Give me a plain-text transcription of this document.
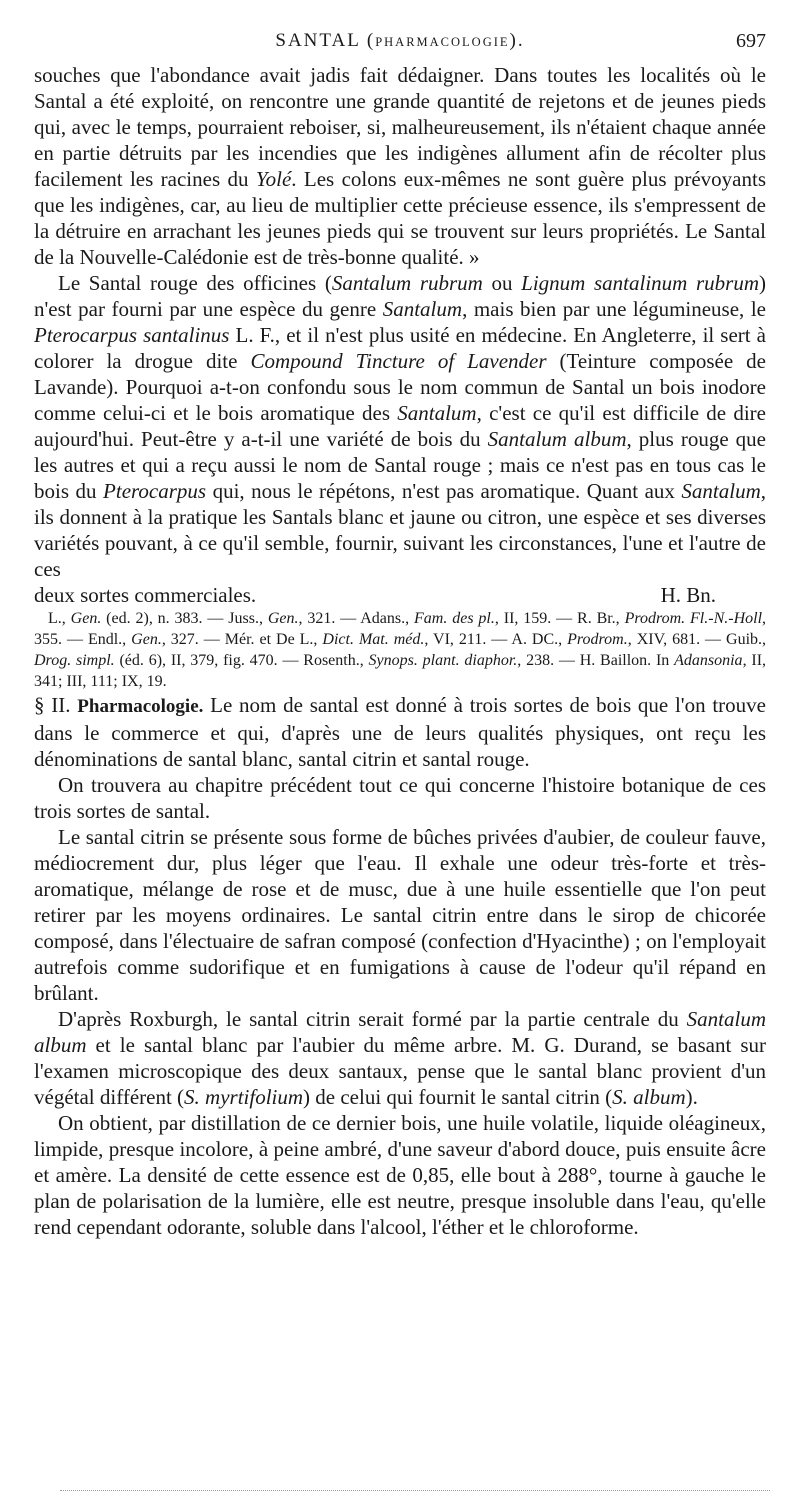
SANTAL (PHARMACOLOGIE).	697

souches que l'abondance avait jadis fait dédaigner. Dans toutes les localités où le Santal a été exploité, on rencontre une grande quantité de rejetons et de jeunes pieds qui, avec le temps, pourraient reboiser, si, malheureusement, ils n'étaient chaque année en partie détruits par les incendies que les indigènes allument afin de récolter plus facilement les racines du Yolé. Les colons eux-mêmes ne sont guère plus prévoyants que les indigènes, car, au lieu de multiplier cette précieuse essence, ils s'empressent de la détruire en arrachant les jeunes pieds qui se trouvent sur leurs propriétés. Le Santal de la Nouvelle-Calédonie est de très-bonne qualité. »

Le Santal rouge des officines (Santalum rubrum ou Lignum santalinum rubrum) n'est par fourni par une espèce du genre Santalum, mais bien par une légumineuse, le Pterocarpus santalinus L. F., et il n'est plus usité en médecine. En Angleterre, il sert à colorer la drogue dite Compound Tincture of Lavender (Teinture composée de Lavande). Pourquoi a-t-on confondu sous le nom commun de Santal un bois inodore comme celui-ci et le bois aromatique des Santalum, c'est ce qu'il est difficile de dire aujourd'hui. Peut-être y a-t-il une variété de bois du Santalum album, plus rouge que les autres et qui a reçu aussi le nom de Santal rouge ; mais ce n'est pas en tous cas le bois du Pterocarpus qui, nous le répétons, n'est pas aromatique. Quant aux Santalum, ils donnent à la pratique les Santals blanc et jaune ou citron, une espèce et ses diverses variétés pouvant, à ce qu'il semble, fournir, suivant les circonstances, l'une et l'autre de ces

deux sortes commerciales.	H. Bn.

L., Gen. (ed. 2), n. 383. — Juss., Gen., 321. — Adans., Fam. des pl., II, 159. — R. Br., Prodrom. Fl.-N.-Holl, 355. — Endl., Gen., 327. — Mér. et De L., Dict. Mat. méd., VI, 211. — A. DC., Prodrom., XIV, 681. — Guib., Drog. simpl. (éd. 6), II, 379, fig. 470. — Rosenth., Synops. plant. diaphor., 238. — H. Baillon. In Adansonia, II, 341; III, 111; IX, 19.

§ II. Pharmacologie. Le nom de santal est donné à trois sortes de bois que l'on trouve dans le commerce et qui, d'après une de leurs qualités physiques, ont reçu les dénominations de santal blanc, santal citrin et santal rouge.

On trouvera au chapitre précédent tout ce qui concerne l'histoire botanique de ces trois sortes de santal.

Le santal citrin se présente sous forme de bûches privées d'aubier, de couleur fauve, médiocrement dur, plus léger que l'eau. Il exhale une odeur très-forte et très-aromatique, mélange de rose et de musc, due à une huile essentielle que l'on peut retirer par les moyens ordinaires. Le santal citrin entre dans le sirop de chicorée composé, dans l'électuaire de safran composé (confection d'Hyacinthe) ; on l'employait autrefois comme sudorifique et en fumigations à cause de l'odeur qu'il répand en brûlant.

D'après Roxburgh, le santal citrin serait formé par la partie centrale du Santalum album et le santal blanc par l'aubier du même arbre. M. G. Durand, se basant sur l'examen microscopique des deux santaux, pense que le santal blanc provient d'un végétal différent (S. myrtifolium) de celui qui fournit le santal citrin (S. album).

On obtient, par distillation de ce dernier bois, une huile volatile, liquide oléagineux, limpide, presque incolore, à peine ambré, d'une saveur d'abord douce, puis ensuite âcre et amère. La densité de cette essence est de 0,85, elle bout à 288°, tourne à gauche le plan de polarisation de la lumière, elle est neutre, presque insoluble dans l'eau, qu'elle rend cependant odorante, soluble dans l'alcool, l'éther et le chloroforme.
